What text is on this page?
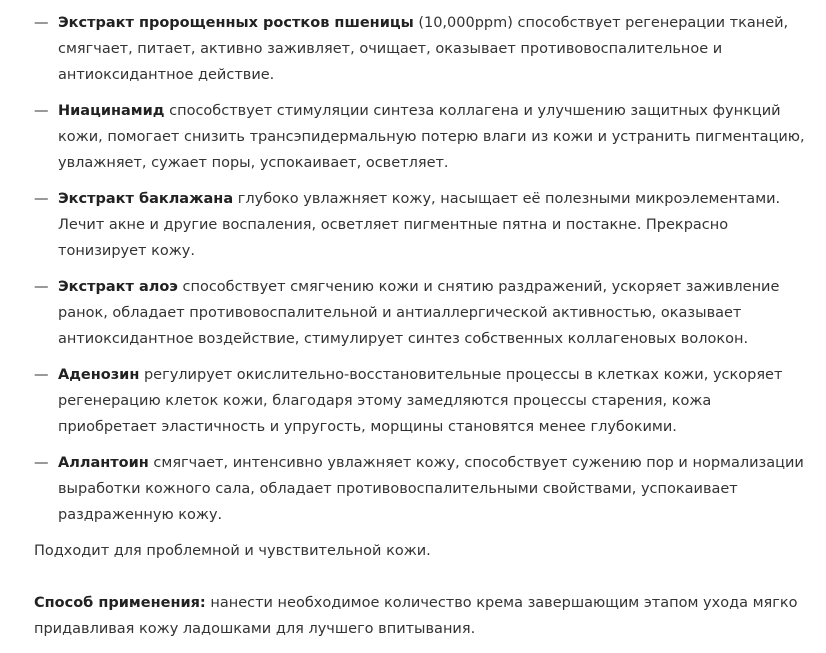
— Экстракт пророщенных ростков пшеницы (10,000ppm) способствует регенерации тканей, смягчает, питает, активно заживляет, очищает, оказывает противовоспалительное и антиоксидантное действие.

— Ниацинамид способствует стимуляции синтеза коллагена и улучшению защитных функций кожи, помогает снизить трансэпидермальную потерю влаги из кожи и устранить пигментацию, увлажняет, сужает поры, успокаивает, осветляет.

— Экстракт баклажана глубоко увлажняет кожу, насыщает её полезными микроэлементами. Лечит акне и другие воспаления, осветляет пигментные пятна и постакне. Прекрасно тонизирует кожу.

— Экстракт алоэ способствует смягчению кожи и снятию раздражений, ускоряет заживление ранок, обладает противовоспалительной и антиаллергической активностью, оказывает антиоксидантное воздействие, стимулирует синтез собственных коллагеновых волокон.

— Аденозин регулирует окислительно-восстановительные процессы в клетках кожи, ускоряет регенерацию клеток кожи, благодаря этому замедляются процессы старения, кожа приобретает эластичность и упругость, морщины становятся менее глубокими.

— Аллантоин смягчает, интенсивно увлажняет кожу, способствует сужению пор и нормализации выработки кожного сала, обладает противовоспалительными свойствами, успокаивает раздраженную кожу.

Подходит для проблемной и чувствительной кожи.

Способ применения: нанести необходимое количество крема завершающим этапом ухода мягко придавливая кожу ладошками для лучшего впитывания.
